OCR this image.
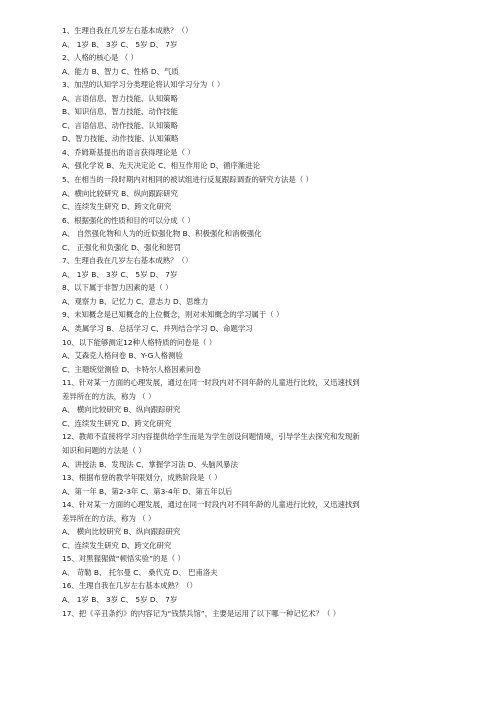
1、生理自我在几岁左右基本成熟？（）
A、 1岁 B、 3岁 C、 5岁 D、 7岁
2、人格的核心是 （ ）
A、能力 B、智力 C、性格 D、气质
3、加涅的认知学习分类理论将认知学习分为（ ）
A、言语信息、智力技能、认知策略
B、知识信息、智力技能、动作技能
C、言语信息、动作技能、认知策略
D、智力技能、动作技能、认知策略
4、乔姆斯基提出的语言获得理论是（ ）
A、强化学说 B、先天决定论 C、相互作用论 D、循序渐进论
5、在相当的一段时期内对相同的被试组进行反复跟踪调查的研究方法是（ ）
A、横向比较研究 B、纵向跟踪研究
C、连续发生研究 D、跨文化研究
6、根据强化的性质和目的可以分成（ ）
A、 自然强化物和人为的近似强化物 B、积极强化和消极强化
C、 正强化和负强化 D、强化和惩罚
7、生理自我在几岁左右基本成熟？（）
A、 1岁 B、 3岁 C、 5岁 D、 7岁
8、以下属于非智力因素的是（ ）
A、观察力 B、记忆力 C、意志力 D、思维力
9、未知概念是已知概念的上位概念，则对未知概念的学习属于（ ）
A、类属学习 B、总括学习 C、并列结合学习 D、命题学习
10、以下能够测定12种人格特质的问卷是（ ）
A、艾森克人格问卷 B、Y-G人格测验
C、主题统觉测验 D、卡特尔人格因素问卷
11、针对某一方面的心理发展，通过在同一时段内对不同年龄的儿童进行比较，又迅速找到
差异所在的方法，称为 （ ）
A、 横向比较研究 B、纵向跟踪研究
C、连续发生研究 D、跨文化研究
12、教师不直接将学习内容提供给学生而是为学生创设问题情境，引导学生去探究和发现新
知识和问题的方法是（ ）
A、讲授法 B、发现法 C、掌握学习法 D、头脑风暴法
13、根据布登的教学年限划分，成熟阶段是（ ）
A、第一年 B、第2-3年 C、第3-4年 D、第五年以后
14、针对某一方面的心理发展，通过在同一时段内对不同年龄的儿童进行比较，又迅速找到
差异所在的方法，称为 （ ）
A、 横向比较研究 B、纵向跟踪研究
C、连续发生研究 D、跨文化研究
15、对黑猩猩做“顿悟实验”的是（ ）
A、 苛勒 B、 托尔曼 C、 桑代克 D、 巴甫洛夫
16、生理自我在几岁左右基本成熟？（）
A、 1岁 B、 3岁 C、 5岁 D、 7岁
17、把《辛丑条约》的内容记为“钱禁兵馆”，主要是运用了以下哪一种记忆术？（ ）
